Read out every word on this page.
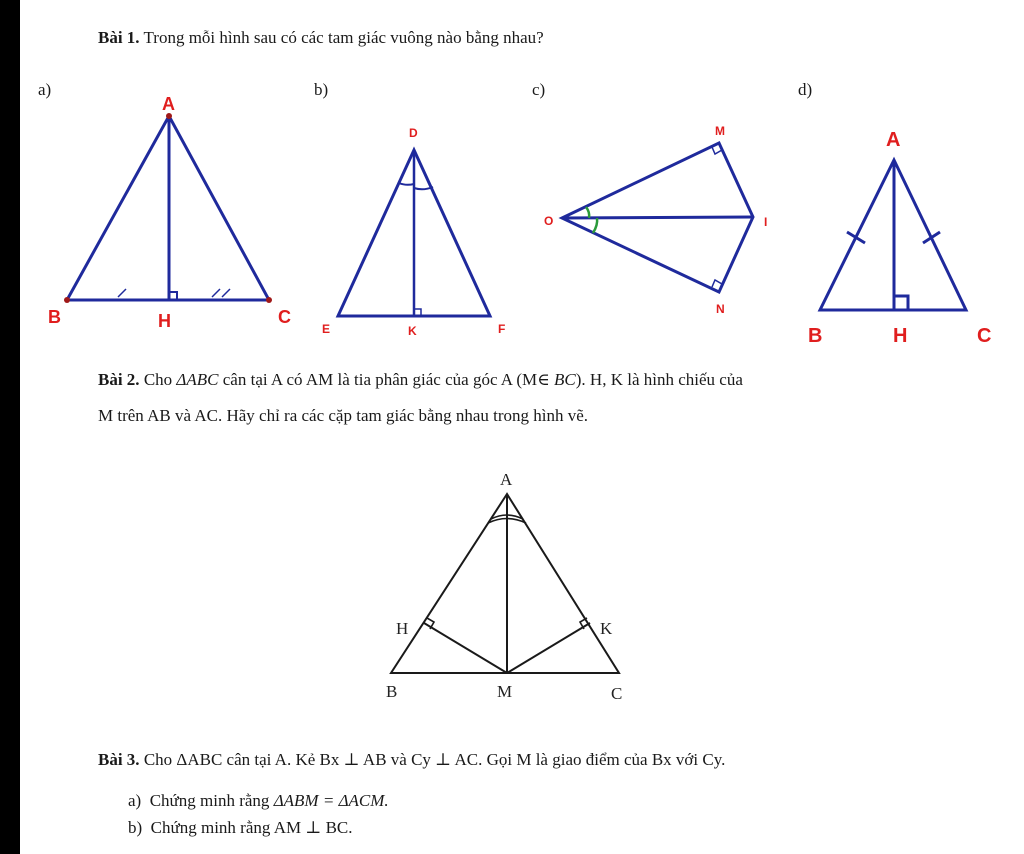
Bài 1. Trong mỗi hình sau có các tam giác vuông nào bằng nhau?
a)	b)	c)	d)
A
B	H	C
D
E	K	F
M
O	I
N
A
B	H	C
Bài 2. Cho ΔABC cân tại A có AM là tia phân giác của góc A (M∈ BC). H, K là hình chiếu của
M trên AB và AC. Hãy chỉ ra các cặp tam giác bằng nhau trong hình vẽ.
A
H	K
B	M	C
Bài 3. Cho ΔABC cân tại A. Kẻ Bx ⊥ AB và Cy ⊥ AC. Gọi M là giao điểm của Bx với Cy.
a) Chứng minh rằng ΔABM = ΔACM.
b) Chứng minh rằng AM ⊥ BC.
